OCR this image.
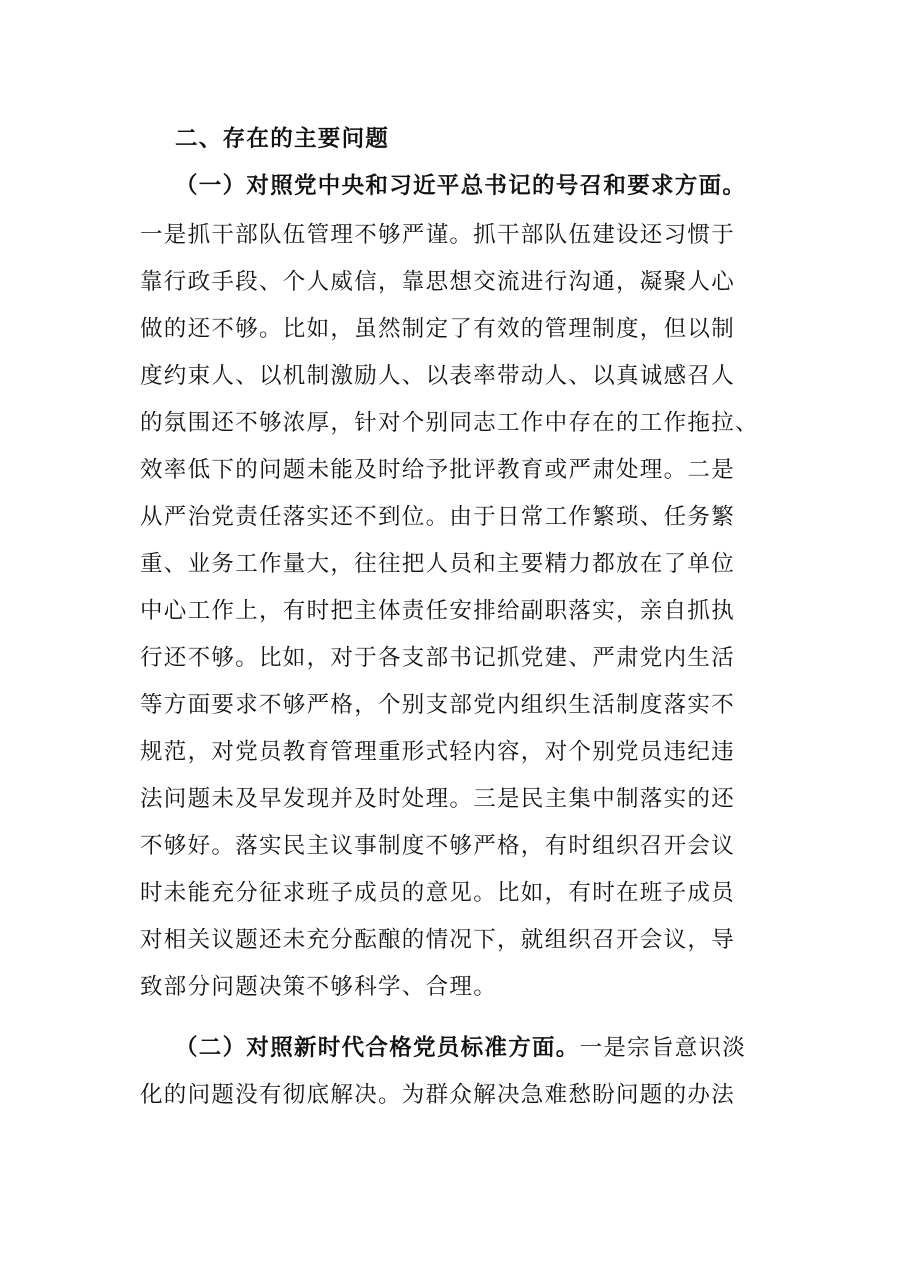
二、存在的主要问题
（一）对照党中央和习近平总书记的号召和要求方面。
一是抓干部队伍管理不够严谨。抓干部队伍建设还习惯于
靠行政手段、个人威信，靠思想交流进行沟通，凝聚人心
做的还不够。比如，虽然制定了有效的管理制度，但以制
度约束人、以机制激励人、以表率带动人、以真诚感召人
的氛围还不够浓厚，针对个别同志工作中存在的工作拖拉、
效率低下的问题未能及时给予批评教育或严肃处理。二是
从严治党责任落实还不到位。由于日常工作繁琐、任务繁
重、业务工作量大，往往把人员和主要精力都放在了单位
中心工作上，有时把主体责任安排给副职落实，亲自抓执
行还不够。比如，对于各支部书记抓党建、严肃党内生活
等方面要求不够严格，个别支部党内组织生活制度落实不
规范，对党员教育管理重形式轻内容，对个别党员违纪违
法问题未及早发现并及时处理。三是民主集中制落实的还
不够好。落实民主议事制度不够严格，有时组织召开会议
时未能充分征求班子成员的意见。比如，有时在班子成员
对相关议题还未充分酝酿的情况下，就组织召开会议，导
致部分问题决策不够科学、合理。
（二）对照新时代合格党员标准方面。一是宗旨意识淡
化的问题没有彻底解决。为群众解决急难愁盼问题的办法
